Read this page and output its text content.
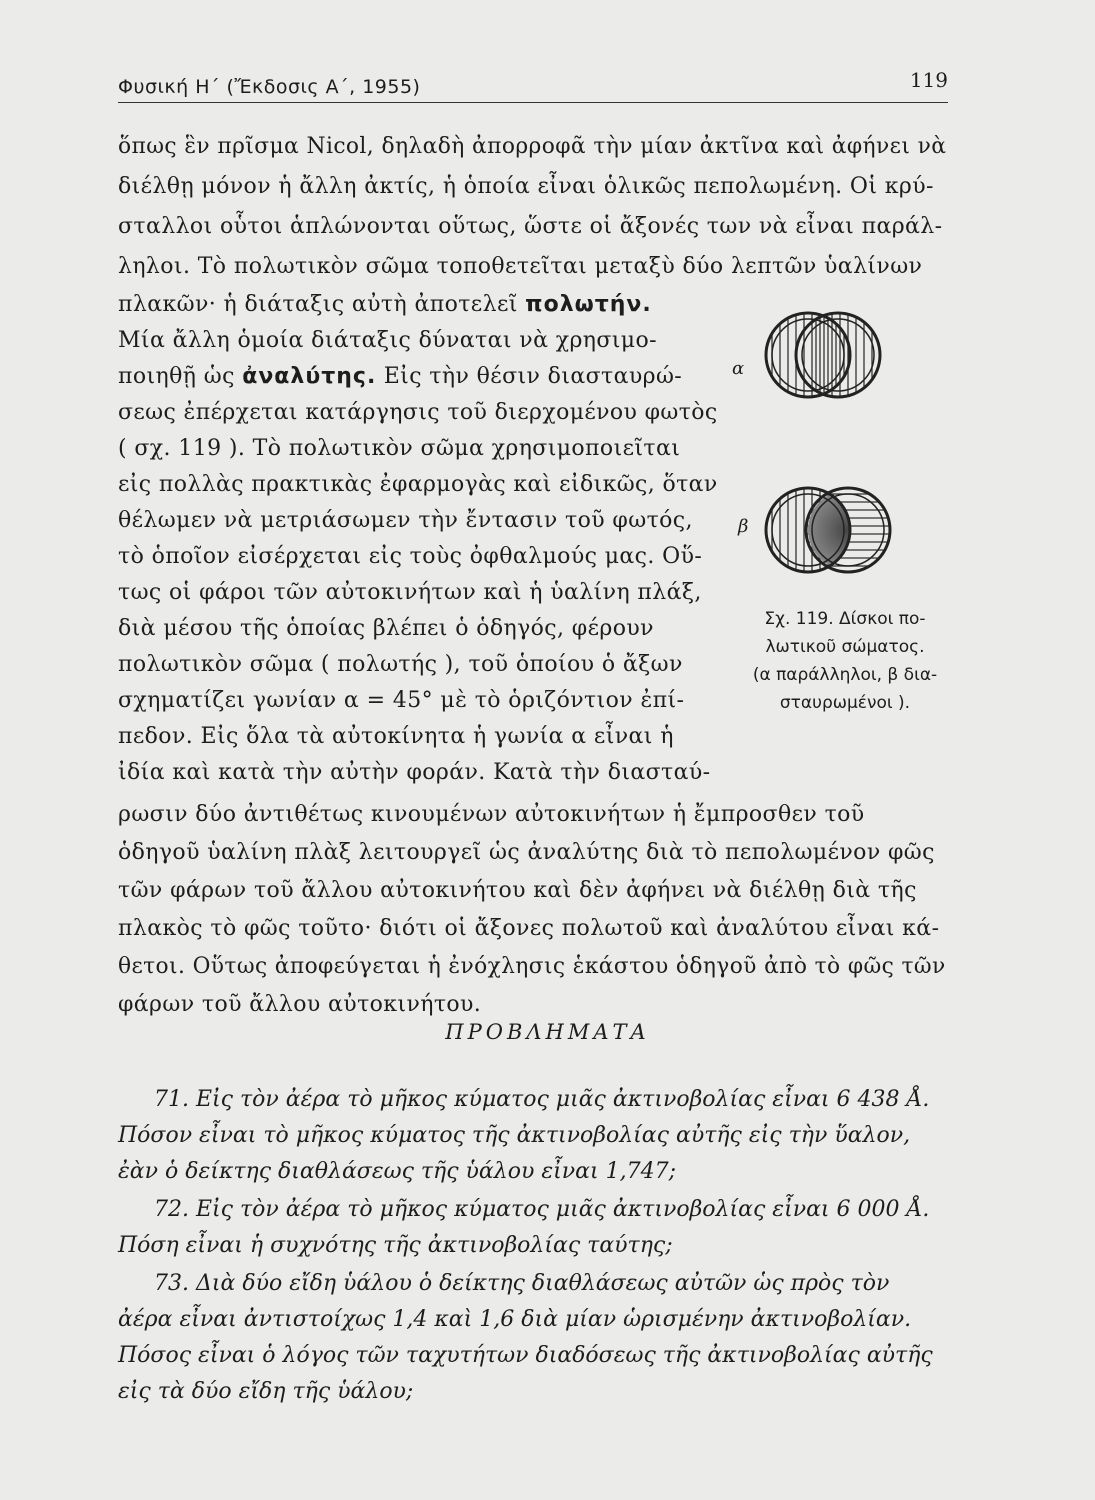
Φυσική Η΄ (Ἔκδοσις Α΄, 1955)	119
ὅπως ἓν πρῖσμα Nicol, δηλαδὴ ἀπορροφᾶ τὴν μίαν ἀκτῖνα καὶ ἀφήνει νὰ
διέλθῃ μόνον ἡ ἄλλη ἀκτίς, ἡ ὁποία εἶναι ὁλικῶς πεπολωμένη. Οἱ κρύ-
σταλλοι οὗτοι ἁπλώνονται οὕτως, ὥστε οἱ ἄξονές των νὰ εἶναι παράλ-
ληλοι. Τὸ πολωτικὸν σῶμα τοποθετεῖται μεταξὺ δύο λεπτῶν ὑαλίνων
πλακῶν· ἡ διάταξις αὐτὴ ἀποτελεῖ πολωτήν.
Μία ἄλλη ὁμοία διάταξις δύναται νὰ χρησιμο-
ποιηθῇ ὡς ἀναλύτης. Εἰς τὴν θέσιν διασταυρώ-
σεως ἐπέρχεται κατάργησις τοῦ διερχομένου φωτὸς
( σχ. 119 ). Τὸ πολωτικὸν σῶμα χρησιμοποιεῖται
εἰς πολλὰς πρακτικὰς ἐφαρμογὰς καὶ εἰδικῶς, ὅταν
θέλωμεν νὰ μετριάσωμεν τὴν ἔντασιν τοῦ φωτός,
τὸ ὁποῖον εἰσέρχεται εἰς τοὺς ὀφθαλμούς μας. Οὕ-
τως οἱ φάροι τῶν αὐτοκινήτων καὶ ἡ ὑαλίνη πλάξ,
διὰ μέσου τῆς ὁποίας βλέπει ὁ ὁδηγός, φέρουν
πολωτικὸν σῶμα ( πολωτής ), τοῦ ὁποίου ὁ ἄξων
σχηματίζει γωνίαν α = 45° μὲ τὸ ὁριζόντιον ἐπί-
πεδον. Εἰς ὅλα τὰ αὐτοκίνητα ἡ γωνία α εἶναι ἡ
ἰδία καὶ κατὰ τὴν αὐτὴν φοράν. Κατὰ τὴν διασταύ-
ρωσιν δύο ἀντιθέτως κινουμένων αὐτοκινήτων ἡ ἔμπροσθεν τοῦ
ὁδηγοῦ ὑαλίνη πλὰξ λειτουργεῖ ὡς ἀναλύτης διὰ τὸ πεπολωμένον φῶς
τῶν φάρων τοῦ ἄλλου αὐτοκινήτου καὶ δὲν ἀφήνει νὰ διέλθῃ διὰ τῆς
πλακὸς τὸ φῶς τοῦτο· διότι οἱ ἄξονες πολωτοῦ καὶ ἀναλύτου εἶναι κά-
θετοι. Οὕτως ἀποφεύγεται ἡ ἐνόχλησις ἑκάστου ὁδηγοῦ ἀπὸ τὸ φῶς τῶν
φάρων τοῦ ἄλλου αὐτοκινήτου.
α
β
Σχ. 119. Δίσκοι πο-
λωτικοῦ σώματος.
(α παράλληλοι, β δια-
σταυρωμένοι ).
ΠΡΟΒΛΗΜΑΤΑ
71. Εἰς τὸν ἀέρα τὸ μῆκος κύματος μιᾶς ἀκτινοβολίας εἶναι 6 438 Å.
Πόσον εἶναι τὸ μῆκος κύματος τῆς ἀκτινοβολίας αὐτῆς εἰς τὴν ὕαλον,
ἐὰν ὁ δείκτης διαθλάσεως τῆς ὑάλου εἶναι 1,747;
72. Εἰς τὸν ἀέρα τὸ μῆκος κύματος μιᾶς ἀκτινοβολίας εἶναι 6 000 Å.
Πόση εἶναι ἡ συχνότης τῆς ἀκτινοβολίας ταύτης;
73. Διὰ δύο εἴδη ὑάλου ὁ δείκτης διαθλάσεως αὐτῶν ὡς πρὸς τὸν
ἀέρα εἶναι ἀντιστοίχως 1,4 καὶ 1,6 διὰ μίαν ὡρισμένην ἀκτινοβολίαν.
Πόσος εἶναι ὁ λόγος τῶν ταχυτήτων διαδόσεως τῆς ἀκτινοβολίας αὐτῆς
εἰς τὰ δύο εἴδη τῆς ὑάλου;
